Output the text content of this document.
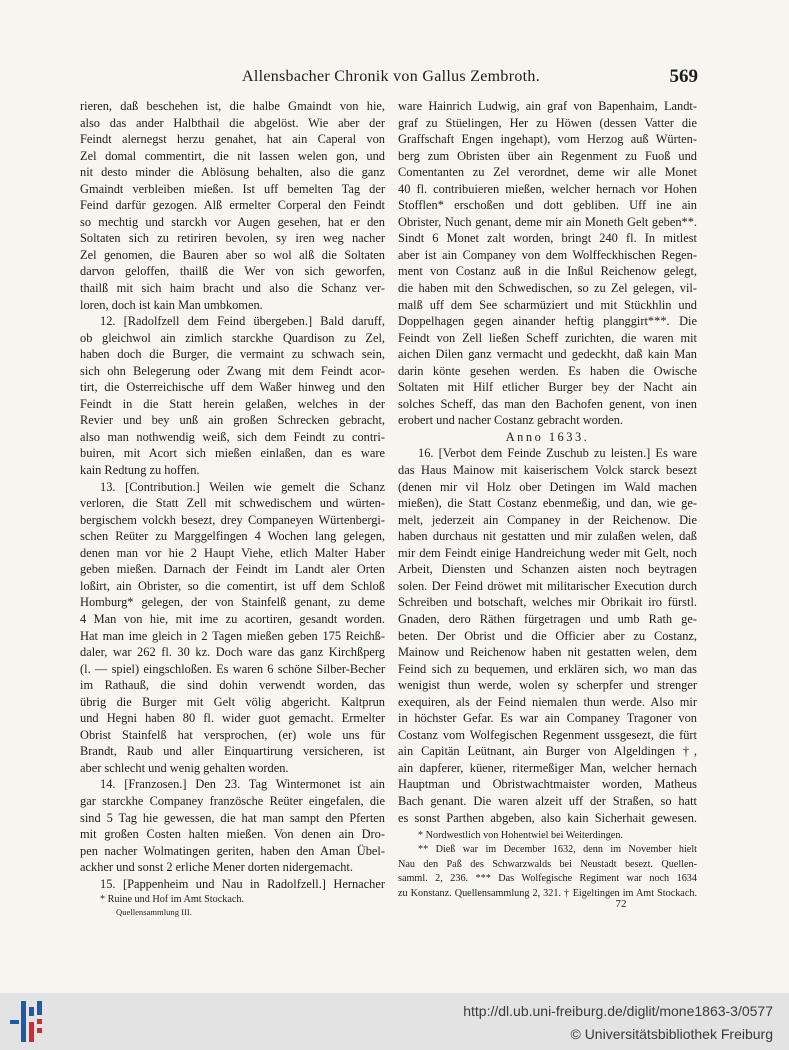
Allensbacher Chronik von Gallus Zembroth.	569
rieren, daß beschehen ist, die halbe Gmaindt von hie,
also das ander Halbthail die abgelöst. Wie aber der
Feindt alernegst herzu genahet, hat ain Caperal von
Zel domal commentirt, die nit lassen welen gon, und
nit desto minder die Ablösung behalten, also die ganz
Gmaindt verbleiben mießen. Ist uff bemelten Tag der
Feind darfür gezogen. Alß ermelter Corperal den Feindt
so mechtig und starckh vor Augen gesehen, hat er den
Soltaten sich zu retiriren bevolen, sy iren weg nacher
Zel genomen, die Bauren aber so wol alß die Soltaten
darvon geloffen, thailß die Wer von sich geworfen,
thailß mit sich haim bracht und also die Schanz ver-
loren, doch ist kain Man umbkomen.
12. [Radolfzell dem Feind übergeben.] Bald daruff,
ob gleichwol ain zimlich starckhe Quardison zu Zel,
haben doch die Burger, die vermaint zu schwach sein,
sich ohn Belegerung oder Zwang mit dem Feindt acor-
tirt, die Osterreichische uff dem Waßer hinweg und den
Feindt in die Statt herein gelaßen, welches in der
Revier und bey unß ain großen Schrecken gebracht,
also man nothwendig weiß, sich dem Feindt zu contri-
buiren, mit Acort sich mießen einlaßen, dan es ware
kain Redtung zu hoffen.
13. [Contribution.] Weilen wie gemelt die Schanz
verloren, die Statt Zell mit schwedischem und würten-
bergischem volckh besezt, drey Companeyen Würtenbergi-
schen Reüter zu Marggelfingen 4 Wochen lang gelegen,
denen man vor hie 2 Haupt Viehe, etlich Malter Haber
geben mießen. Darnach der Feindt im Landt aler Orten
loßirt, ain Obrister, so die comentirt, ist uff dem Schloß
Homburg* gelegen, der von Stainfelß genant, zu deme
4 Man von hie, mit ime zu acortiren, gesandt worden.
Hat man ime gleich in 2 Tagen mießen geben 175 Reichß-
daler, war 262 fl. 30 kz. Doch ware das ganz Kirchßperg
(l. — spiel) eingschloßen. Es waren 6 schöne Silber-Becher
im Rathauß, die sind dohin verwendt worden, das
übrig die Burger mit Gelt völig abgericht. Kaltprun
und Hegni haben 80 fl. wider guot gemacht. Ermelter
Obrist Stainfelß hat versprochen, (er) wole uns für
Brandt, Raub und aller Einquartirung versicheren, ist
aber schlecht und wenig gehalten worden.
14. [Franzosen.] Den 23. Tag Wintermonet ist ain
gar starckhe Companey französche Reüter eingefalen, die
sind 5 Tag hie gewessen, die hat man sampt den Pferten
mit großen Costen halten mießen. Von denen ain Dro-
pen nacher Wolmatingen geriten, haben den Aman Übel-
ackher und sonst 2 erliche Mener dorten nidergemacht.
15. [Pappenheim und Nau in Radolfzell.] Hernacher
ware Hainrich Ludwig, ain graf von Bapenhaim, Landt-
graf zu Stüelingen, Her zu Höwen (dessen Vatter die
Graffschaft Engen ingehapt), vom Herzog auß Würten-
berg zum Obristen über ain Regenment zu Fuoß und
Comentanten zu Zel verordnet, deme wir alle Monet
40 fl. contribuieren mießen, welcher hernach vor Hohen
Stofflen* erschoßen und dott gebliben. Uff ine ain
Obrister, Nuch genant, deme mir ain Moneth Gelt geben**.
Sindt 6 Monet zalt worden, bringt 240 fl. In mitlest
aber ist ain Companey von dem Wolffeckhischen Regen-
ment von Costanz auß in die Inßul Reichenow gelegt,
die haben mit den Schwedischen, so zu Zel gelegen, vil-
malß uff dem See scharmüziert und mit Stückhlin und
Doppelhagen gegen ainander heftig planggirt***. Die
Feindt von Zell ließen Scheff zurichten, die waren mit
aichen Dilen ganz vermacht und gedeckht, daß kain Man
darin könte gesehen werden. Es haben die Owische
Soltaten mit Hilf etlicher Burger bey der Nacht ain
solches Scheff, das man den Bachofen genent, von inen
erobert und nacher Costanz gebracht worden.
Anno 1633.
16. [Verbot dem Feinde Zuschub zu leisten.] Es ware
das Haus Mainow mit kaiserischem Volck starck besezt
(denen mir vil Holz ober Detingen im Wald machen
mießen), die Statt Costanz ebenmeßig, und dan, wie ge-
melt, jederzeit ain Companey in der Reichenow. Die
haben durchaus nit gestatten und mir zulaßen welen, daß
mir dem Feindt einige Handreichung weder mit Gelt, noch
Arbeit, Diensten und Schanzen aisten noch beytragen
solen. Der Feind dröwet mit militarischer Execution durch
Schreiben und botschaft, welches mir Obrikait iro fürstl.
Gnaden, dero Räthen fürgetragen und umb Rath ge-
beten. Der Obrist und die Officier aber zu Costanz,
Mainow und Reichenow haben nit gestatten welen, dem
Feind sich zu bequemen, und erklären sich, wo man das
wenigist thun werde, wolen sy scherpfer und strenger
exequiren, als der Feind niemalen thun werde. Also mir
in höchster Gefar. Es war ain Companey Tragoner von
Costanz vom Wolfegischen Regenment ussgesezt, die fürt
ain Capitän Leütnant, ain Burger von Algeldingen †,
ain dapferer, küener, ritermeßiger Man, welcher hernach
Hauptman und Obristwachtmaister worden, Matheus
Bach genant. Die waren alzeit uff der Straßen, so hatt
es sonst Parthen abgeben, also kain Sicherhait gewesen.
* Ruine und Hof im Amt Stockach.
Quellensammlung III.
* Nordwestlich von Hohentwiel bei Weiterdingen.
** Dieß war im December 1632, denn im November hielt
Nau den Paß des Schwarzwalds bei Neustadt besezt. Quellen-
samml. 2, 236. *** Das Wolfegische Regiment war noch 1634
zu Konstanz. Quellensammlung 2, 321. † Eigeltingen im Amt Stockach.
72
http://dl.ub.uni-freiburg.de/diglit/mone1863-3/0577
© Universitätsbibliothek Freiburg
